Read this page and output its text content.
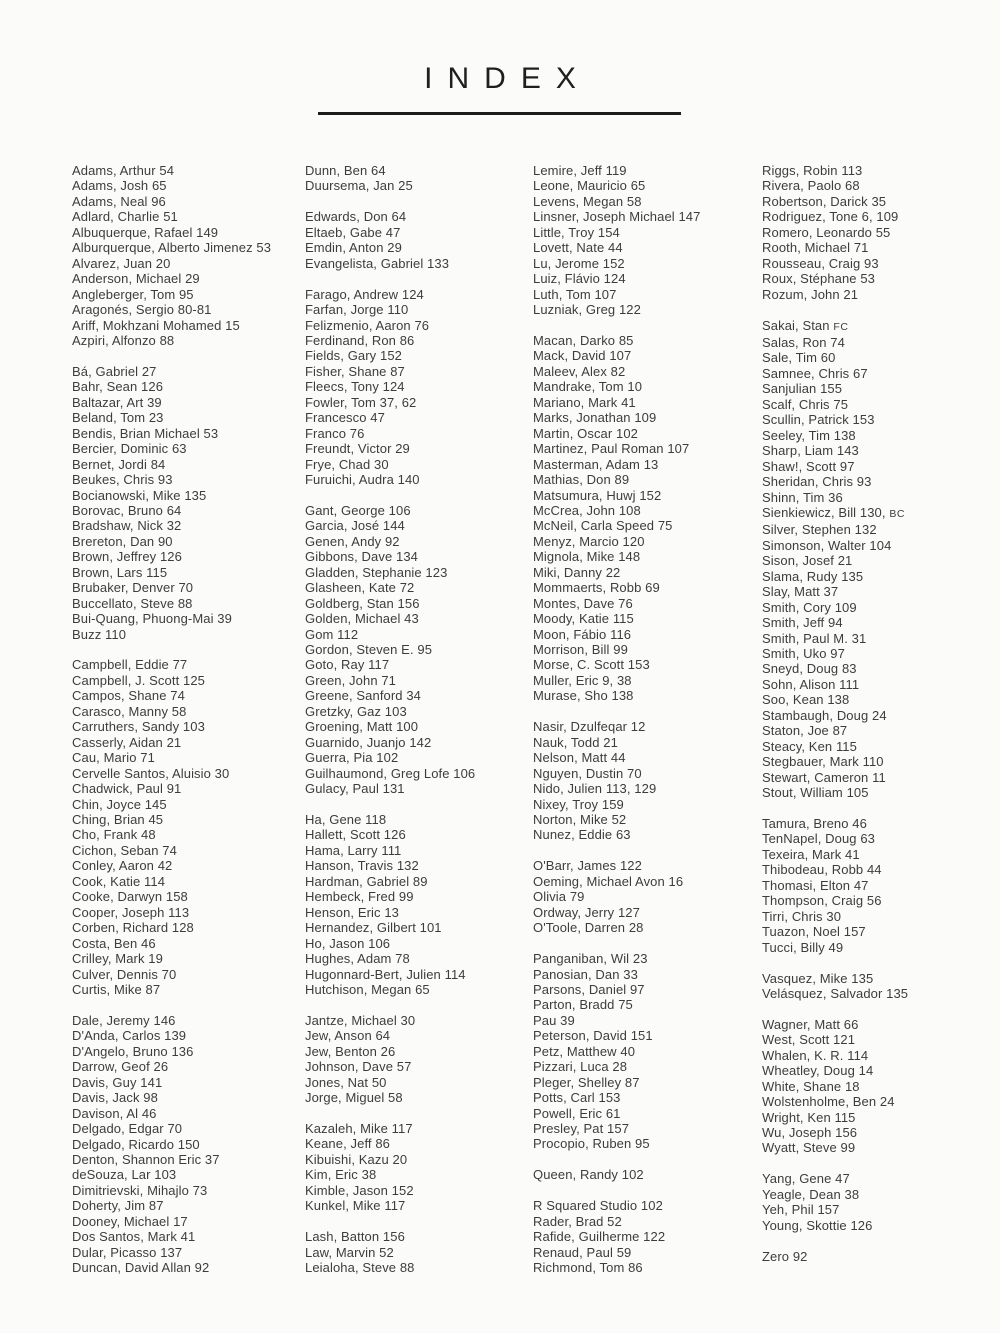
INDEX
Adams, Arthur 54
Adams, Josh 65
Adams, Neal 96
Adlard, Charlie 51
Albuquerque, Rafael 149
Alburquerque, Alberto Jimenez 53
Alvarez, Juan 20
Anderson, Michael 29
Angleberger, Tom 95
Aragonés, Sergio 80-81
Ariff, Mokhzani Mohamed 15
Azpiri, Alfonzo 88
Bá, Gabriel 27
Bahr, Sean 126
Baltazar, Art 39
Beland, Tom 23
Bendis, Brian Michael 53
Bercier, Dominic 63
Bernet, Jordi 84
Beukes, Chris 93
Bocianowski, Mike 135
Borovac, Bruno 64
Bradshaw, Nick 32
Brereton, Dan 90
Brown, Jeffrey 126
Brown, Lars 115
Brubaker, Denver 70
Buccellato, Steve 88
Bui-Quang, Phuong-Mai 39
Buzz 110
Campbell, Eddie 77
Campbell, J. Scott 125
Campos, Shane 74
Carasco, Manny 58
Carruthers, Sandy 103
Casserly, Aidan 21
Cau, Mario 71
Cervelle Santos, Aluisio 30
Chadwick, Paul 91
Chin, Joyce 145
Ching, Brian 45
Cho, Frank 48
Cichon, Seban 74
Conley, Aaron 42
Cook, Katie 114
Cooke, Darwyn 158
Cooper, Joseph 113
Corben, Richard 128
Costa, Ben 46
Crilley, Mark 19
Culver, Dennis 70
Curtis, Mike 87
Dale, Jeremy 146
D'Anda, Carlos 139
D'Angelo, Bruno 136
Darrow, Geof 26
Davis, Guy 141
Davis, Jack 98
Davison, Al 46
Delgado, Edgar 70
Delgado, Ricardo 150
Denton, Shannon Eric 37
deSouza, Lar 103
Dimitrievski, Mihajlo 73
Doherty, Jim 87
Dooney, Michael 17
Dos Santos, Mark 41
Dular, Picasso 137
Duncan, David Allan 92
Dunn, Ben 64
Duursema, Jan 25
Edwards, Don 64
Eltaeb, Gabe 47
Emdin, Anton 29
Evangelista, Gabriel 133
Farago, Andrew 124
Farfan, Jorge 110
Felizmenio, Aaron 76
Ferdinand, Ron 86
Fields, Gary 152
Fisher, Shane 87
Fleecs, Tony 124
Fowler, Tom 37, 62
Francesco 47
Franco 76
Freundt, Victor 29
Frye, Chad 30
Furuichi, Audra 140
Gant, George 106
Garcia, José 144
Genen, Andy 92
Gibbons, Dave 134
Gladden, Stephanie 123
Glasheen, Kate 72
Goldberg, Stan 156
Golden, Michael 43
Gom 112
Gordon, Steven E. 95
Goto, Ray 117
Green, John 71
Greene, Sanford 34
Gretzky, Gaz 103
Groening, Matt 100
Guarnido, Juanjo 142
Guerra, Pia 102
Guilhaumond, Greg Lofe 106
Gulacy, Paul 131
Ha, Gene 118
Hallett, Scott 126
Hama, Larry 111
Hanson, Travis 132
Hardman, Gabriel 89
Hembeck, Fred 99
Henson, Eric 13
Hernandez, Gilbert 101
Ho, Jason 106
Hughes, Adam 78
Hugonnard-Bert, Julien 114
Hutchison, Megan 65
Jantze, Michael 30
Jew, Anson 64
Jew, Benton 26
Johnson, Dave 57
Jones, Nat 50
Jorge, Miguel 58
Kazaleh, Mike 117
Keane, Jeff 86
Kibuishi, Kazu 20
Kim, Eric 38
Kimble, Jason 152
Kunkel, Mike 117
Lash, Batton 156
Law, Marvin 52
Leialoha, Steve 88
Lemire, Jeff 119
Leone, Mauricio 65
Levens, Megan 58
Linsner, Joseph Michael 147
Little, Troy 154
Lovett, Nate 44
Lu, Jerome 152
Luiz, Flávio 124
Luth, Tom 107
Luzniak, Greg 122
Macan, Darko 85
Mack, David 107
Maleev, Alex 82
Mandrake, Tom 10
Mariano, Mark 41
Marks, Jonathan 109
Martin, Oscar 102
Martinez, Paul Roman 107
Masterman, Adam 13
Mathias, Don 89
Matsumura, Huwj 152
McCrea, John 108
McNeil, Carla Speed 75
Menyz, Marcio 120
Mignola, Mike 148
Miki, Danny 22
Mommaerts, Robb 69
Montes, Dave 76
Moody, Katie 115
Moon, Fábio 116
Morrison, Bill 99
Morse, C. Scott 153
Muller, Eric 9, 38
Murase, Sho 138
Nasir, Dzulfeqar 12
Nauk, Todd 21
Nelson, Matt 44
Nguyen, Dustin 70
Nido, Julien 113, 129
Nixey, Troy 159
Norton, Mike 52
Nunez, Eddie 63
O'Barr, James 122
Oeming, Michael Avon 16
Olivia 79
Ordway, Jerry 127
O'Toole, Darren 28
Panganiban, Wil 23
Panosian, Dan 33
Parsons, Daniel 97
Parton, Bradd 75
Pau 39
Peterson, David 151
Petz, Matthew 40
Pizzari, Luca 28
Pleger, Shelley 87
Potts, Carl 153
Powell, Eric 61
Presley, Pat 157
Procopio, Ruben 95
Queen, Randy 102
R Squared Studio 102
Rader, Brad 52
Rafide, Guilherme 122
Renaud, Paul 59
Richmond, Tom 86
Riggs, Robin 113
Rivera, Paolo 68
Robertson, Darick 35
Rodriguez, Tone 6, 109
Romero, Leonardo 55
Rooth, Michael 71
Rousseau, Craig 93
Roux, Stéphane 53
Rozum, John 21
Sakai, Stan FC
Salas, Ron 74
Sale, Tim 60
Samnee, Chris 67
Sanjulian 155
Scalf, Chris 75
Scullin, Patrick 153
Seeley, Tim 138
Sharp, Liam 143
Shaw!, Scott 97
Sheridan, Chris 93
Shinn, Tim 36
Sienkiewicz, Bill 130, BC
Silver, Stephen 132
Simonson, Walter 104
Sison, Josef 21
Slama, Rudy 135
Slay, Matt 37
Smith, Cory 109
Smith, Jeff 94
Smith, Paul M. 31
Smith, Uko 97
Sneyd, Doug 83
Sohn, Alison 111
Soo, Kean 138
Stambaugh, Doug 24
Staton, Joe 87
Steacy, Ken 115
Stegbauer, Mark 110
Stewart, Cameron 11
Stout, William 105
Tamura, Breno 46
TenNapel, Doug 63
Texeira, Mark 41
Thibodeau, Robb 44
Thomasi, Elton 47
Thompson, Craig 56
Tirri, Chris 30
Tuazon, Noel 157
Tucci, Billy 49
Vasquez, Mike 135
Velásquez, Salvador 135
Wagner, Matt 66
West, Scott 121
Whalen, K. R. 114
Wheatley, Doug 14
White, Shane 18
Wolstenholme, Ben 24
Wright, Ken 115
Wu, Joseph 156
Wyatt, Steve 99
Yang, Gene 47
Yeagle, Dean 38
Yeh, Phil 157
Young, Skottie 126
Zero 92
